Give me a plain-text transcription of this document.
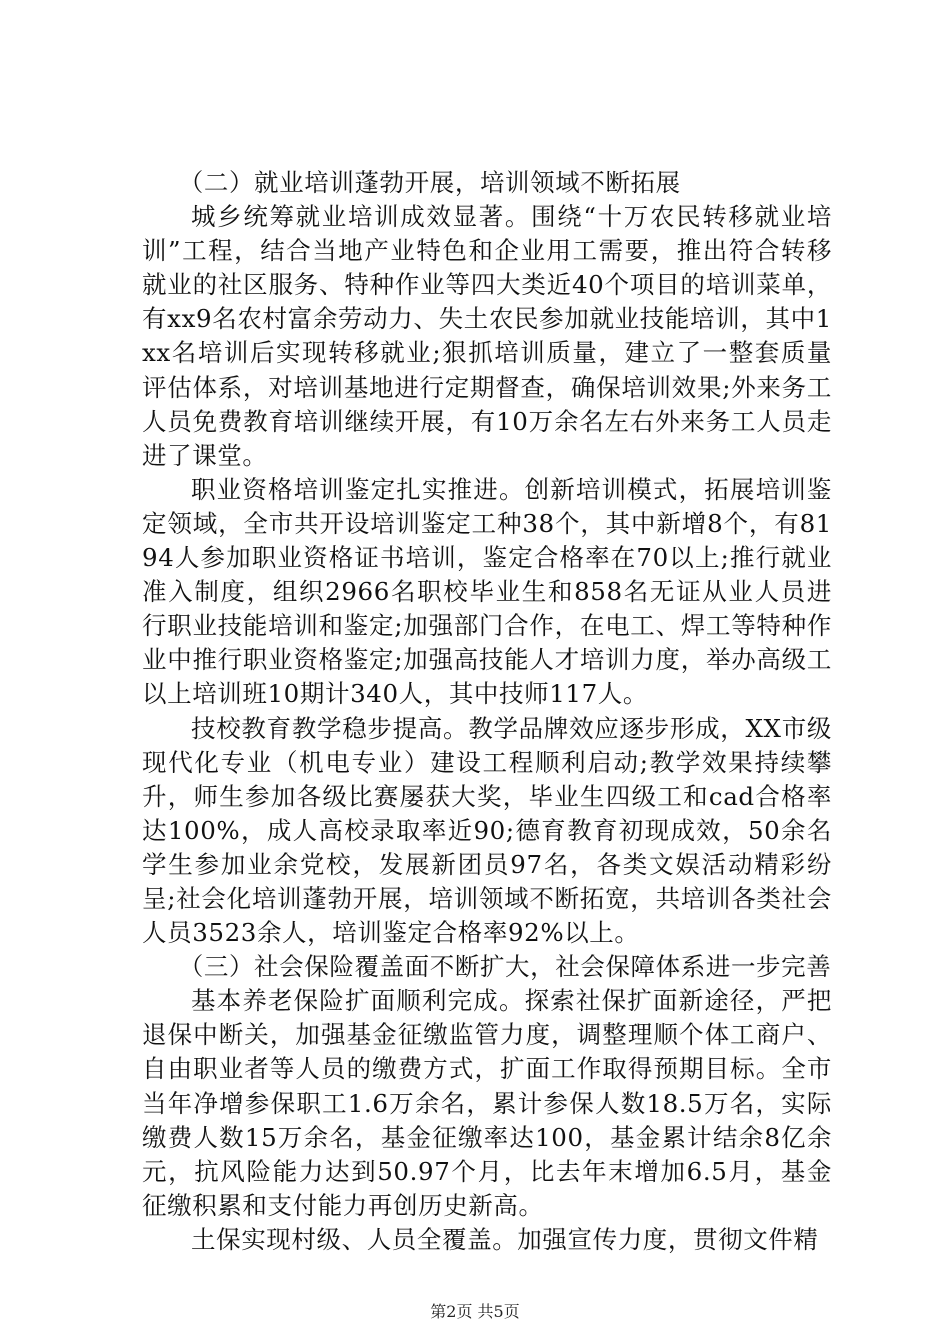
（二）就业培训蓬勃开展，培训领域不断拓展

城乡统筹就业培训成效显著。围绕“十万农民转移就业培训”工程，结合当地产业特色和企业用工需要，推出符合转移就业的社区服务、特种作业等四大类近40个项目的培训菜单，有xx9名农村富余劳动力、失土农民参加就业技能培训，其中1xx名培训后实现转移就业;狠抓培训质量，建立了一整套质量评估体系，对培训基地进行定期督查，确保培训效果;外来务工人员免费教育培训继续开展，有10万余名左右外来务工人员走进了课堂。

职业资格培训鉴定扎实推进。创新培训模式，拓展培训鉴定领域，全市共开设培训鉴定工种38个，其中新增8个，有8194人参加职业资格证书培训，鉴定合格率在70以上;推行就业准入制度，组织2966名职校毕业生和858名无证从业人员进行职业技能培训和鉴定;加强部门合作，在电工、焊工等特种作业中推行职业资格鉴定;加强高技能人才培训力度，举办高级工以上培训班10期计340人，其中技师117人。

技校教育教学稳步提高。教学品牌效应逐步形成，XX市级现代化专业（机电专业）建设工程顺利启动;教学效果持续攀升，师生参加各级比赛屡获大奖，毕业生四级工和cad合格率达100%，成人高校录取率近90;德育教育初现成效，50余名学生参加业余党校，发展新团员97名，各类文娱活动精彩纷呈;社会化培训蓬勃开展，培训领域不断拓宽，共培训各类社会人员3523余人，培训鉴定合格率92%以上。

（三）社会保险覆盖面不断扩大，社会保障体系进一步完善

基本养老保险扩面顺利完成。探索社保扩面新途径，严把退保中断关，加强基金征缴监管力度，调整理顺个体工商户、自由职业者等人员的缴费方式，扩面工作取得预期目标。全市当年净增参保职工1.6万余名，累计参保人数18.5万名，实际缴费人数15万余名，基金征缴率达100，基金累计结余8亿余元，抗风险能力达到50.97个月，比去年末增加6.5月，基金征缴积累和支付能力再创历史新高。

土保实现村级、人员全覆盖。加强宣传力度，贯彻文件精

第2页 共5页
